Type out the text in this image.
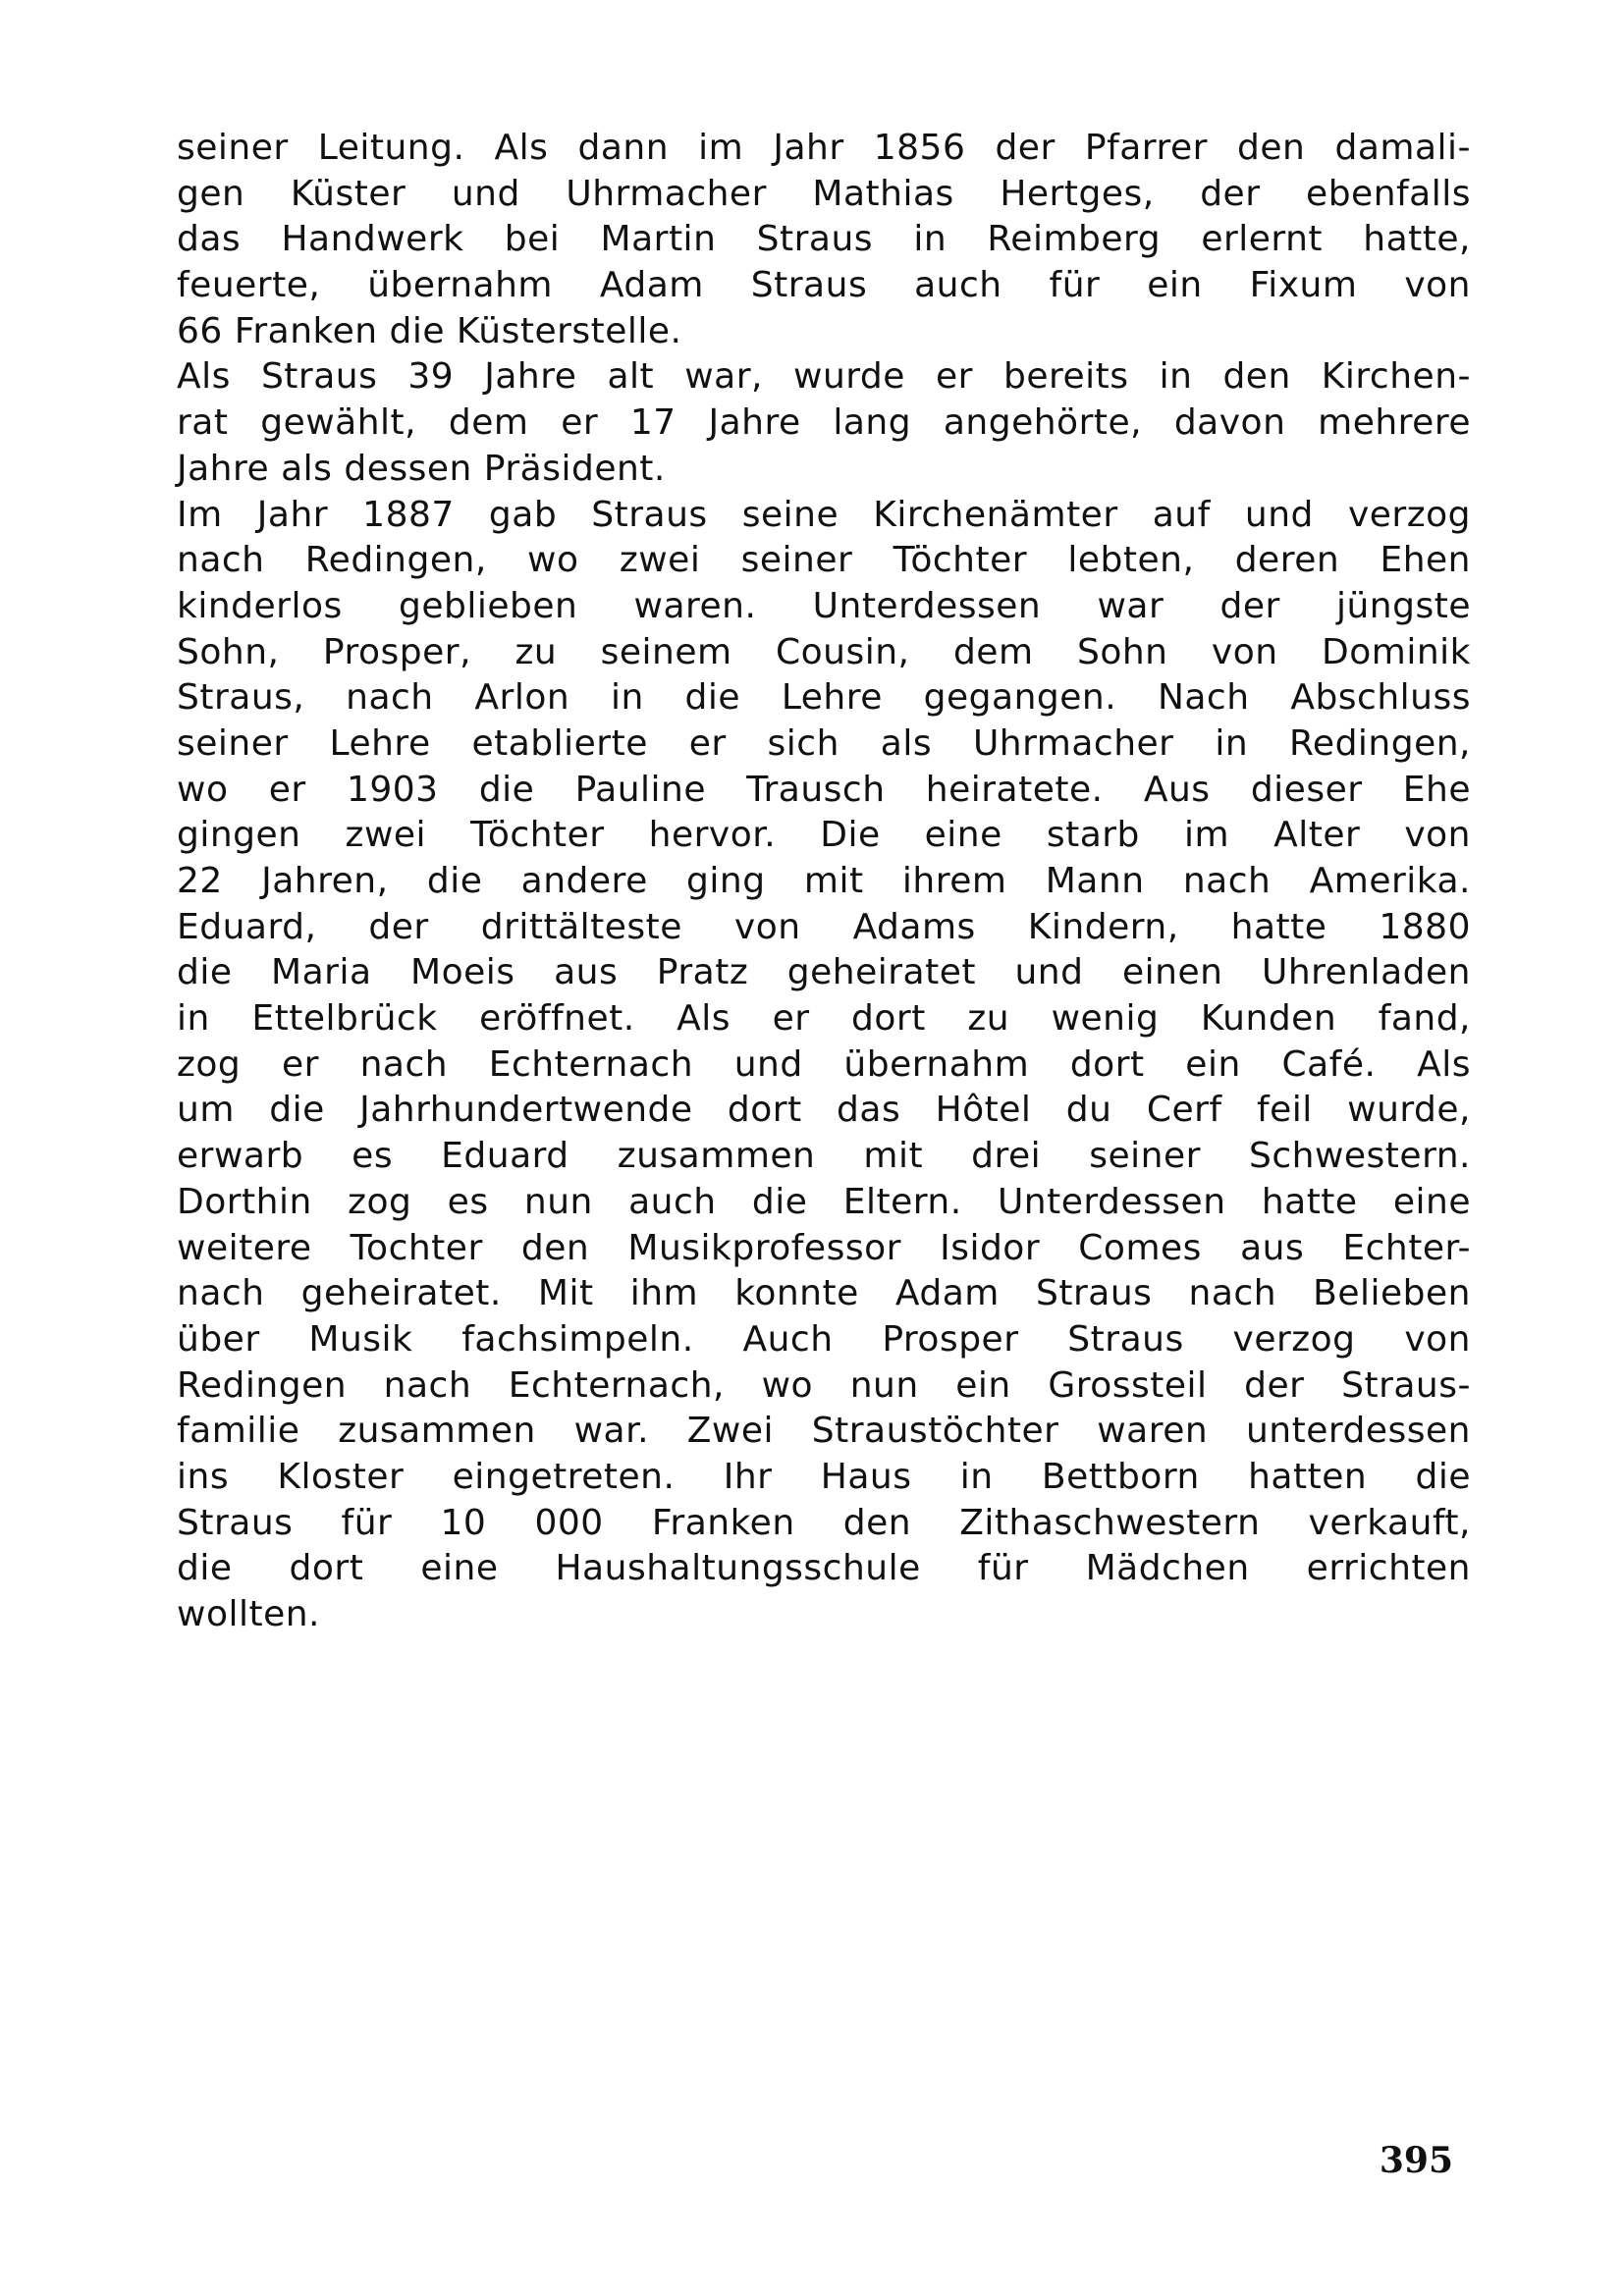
seiner Leitung. Als dann im Jahr 1856 der Pfarrer den damali-
gen Küster und Uhrmacher Mathias Hertges, der ebenfalls
das Handwerk bei Martin Straus in Reimberg erlernt hatte,
feuerte, übernahm Adam Straus auch für ein Fixum von
66 Franken die Küsterstelle.
Als Straus 39 Jahre alt war, wurde er bereits in den Kirchen-
rat gewählt, dem er 17 Jahre lang angehörte, davon mehrere
Jahre als dessen Präsident.
Im Jahr 1887 gab Straus seine Kirchenämter auf und verzog
nach Redingen, wo zwei seiner Töchter lebten, deren Ehen
kinderlos geblieben waren. Unterdessen war der jüngste
Sohn, Prosper, zu seinem Cousin, dem Sohn von Dominik
Straus, nach Arlon in die Lehre gegangen. Nach Abschluss
seiner Lehre etablierte er sich als Uhrmacher in Redingen,
wo er 1903 die Pauline Trausch heiratete. Aus dieser Ehe
gingen zwei Töchter hervor. Die eine starb im Alter von
22 Jahren, die andere ging mit ihrem Mann nach Amerika.
Eduard, der drittälteste von Adams Kindern, hatte 1880
die Maria Moeis aus Pratz geheiratet und einen Uhrenladen
in Ettelbrück eröffnet. Als er dort zu wenig Kunden fand,
zog er nach Echternach und übernahm dort ein Café. Als
um die Jahrhundertwende dort das Hôtel du Cerf feil wurde,
erwarb es Eduard zusammen mit drei seiner Schwestern.
Dorthin zog es nun auch die Eltern. Unterdessen hatte eine
weitere Tochter den Musikprofessor Isidor Comes aus Echter-
nach geheiratet. Mit ihm konnte Adam Straus nach Belieben
über Musik fachsimpeln. Auch Prosper Straus verzog von
Redingen nach Echternach, wo nun ein Grossteil der Straus-
familie zusammen war. Zwei Straustöchter waren unterdessen
ins Kloster eingetreten. Ihr Haus in Bettborn hatten die
Straus für 10 000 Franken den Zithaschwestern verkauft,
die dort eine Haushaltungsschule für Mädchen errichten
wollten.
395
